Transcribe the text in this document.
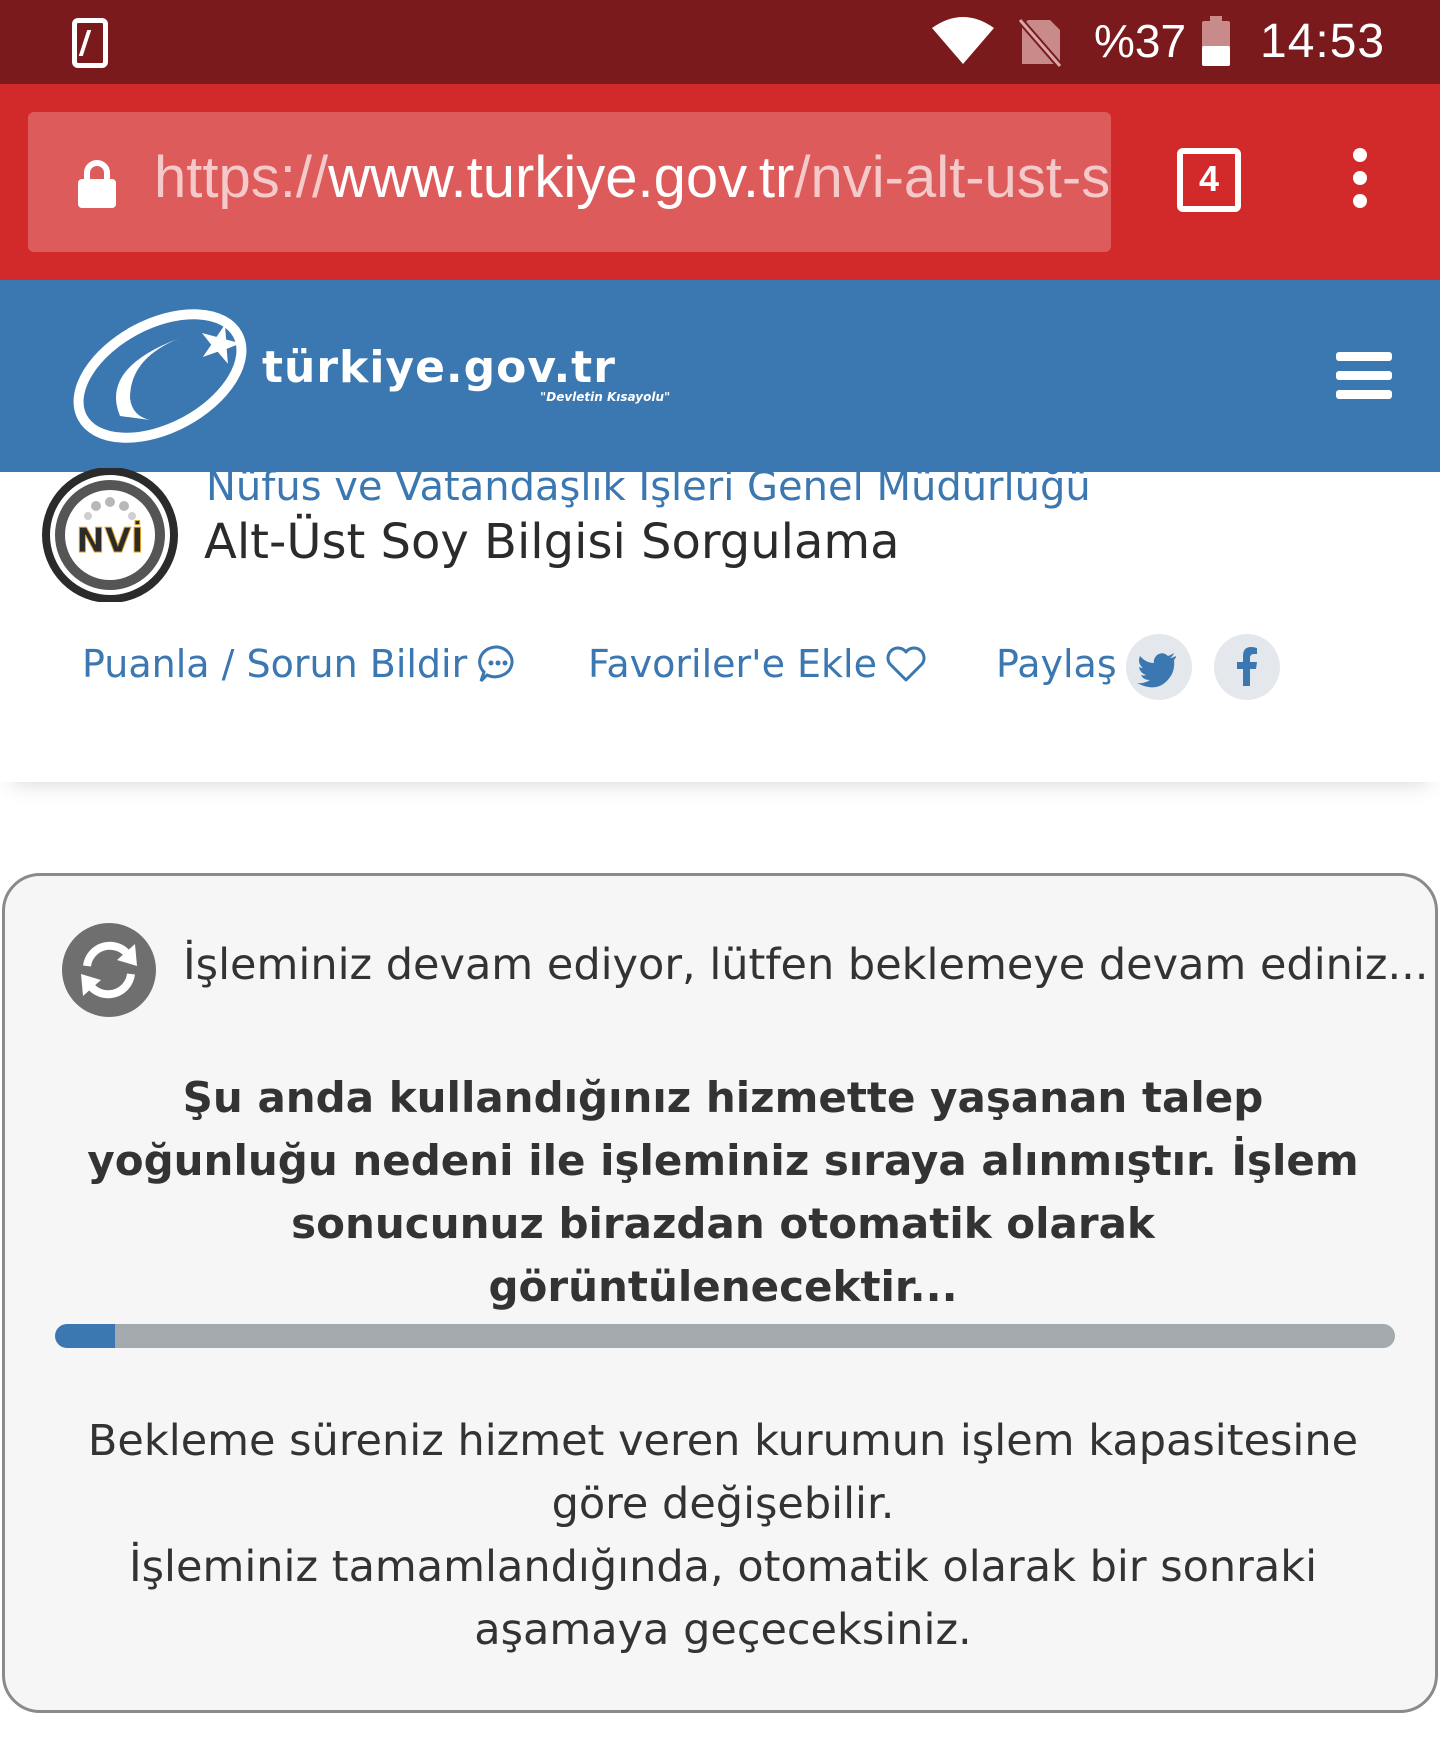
%37 14:53
https://www.turkiye.gov.tr/nvi-alt-ust-s	4
türkiye.gov.tr
"Devletin Kısayolu"
NVİ
Nüfus ve Vatandaşlık İşleri Genel Müdürlüğü
Alt-Üst Soy Bilgisi Sorgulama
Puanla / Sorun Bildir	Favoriler'e Ekle	Paylaş
İşleminiz devam ediyor, lütfen beklemeye devam ediniz...
Şu anda kullandığınız hizmette yaşanan talep yoğunluğu nedeni ile işleminiz sıraya alınmıştır. İşlem sonucunuz birazdan otomatik olarak görüntülenecektir...
Bekleme süreniz hizmet veren kurumun işlem kapasitesine
göre değişebilir.
İşleminiz tamamlandığında, otomatik olarak bir sonraki
aşamaya geçeceksiniz.
